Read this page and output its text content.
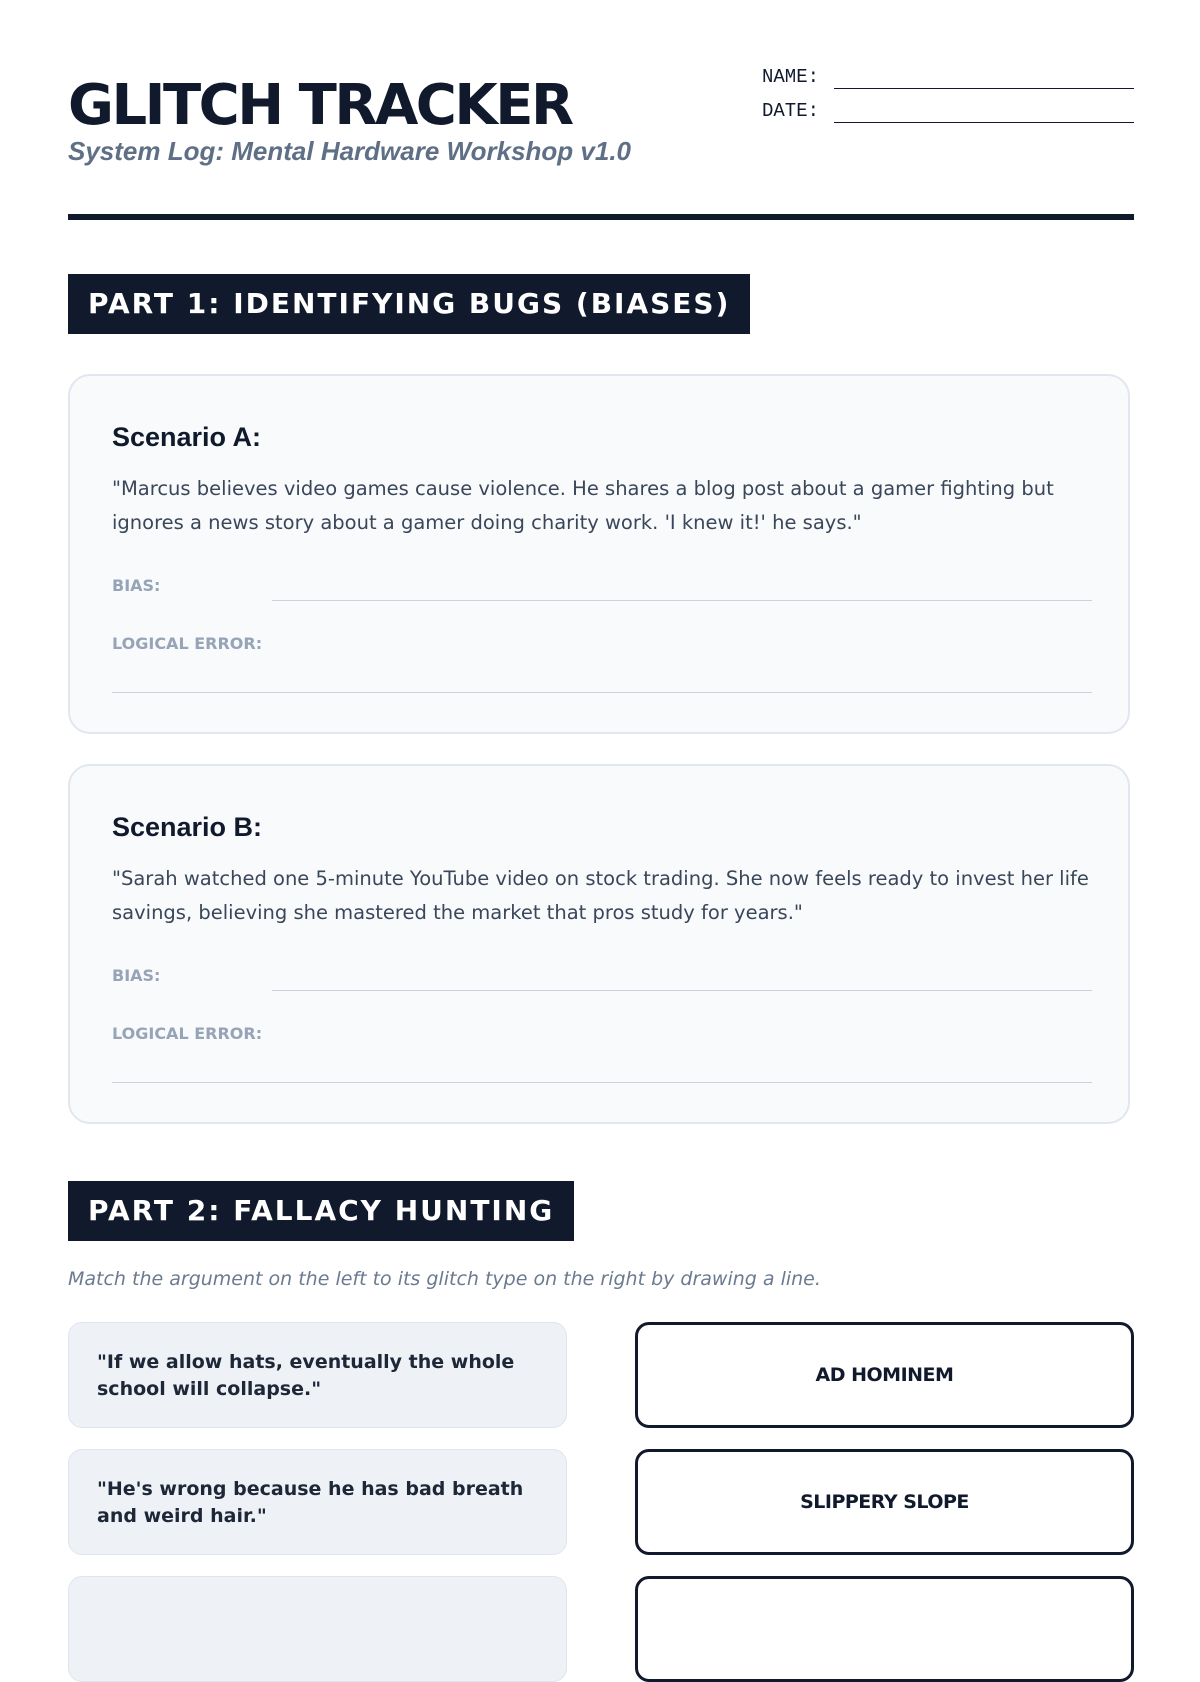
GLITCH TRACKER
System Log: Mental Hardware Workshop v1.0
NAME:
DATE:
PART 1: IDENTIFYING BUGS (BIASES)
Scenario A:
"Marcus believes video games cause violence. He shares a blog post about a gamer fighting but ignores a news story about a gamer doing charity work. 'I knew it!' he says."
BIAS:
LOGICAL ERROR:
Scenario B:
"Sarah watched one 5-minute YouTube video on stock trading. She now feels ready to invest her life savings, believing she mastered the market that pros study for years."
BIAS:
LOGICAL ERROR:
PART 2: FALLACY HUNTING
Match the argument on the left to its glitch type on the right by drawing a line.
"If we allow hats, eventually the whole school will collapse."
"He's wrong because he has bad breath and weird hair."
AD HOMINEM
SLIPPERY SLOPE
